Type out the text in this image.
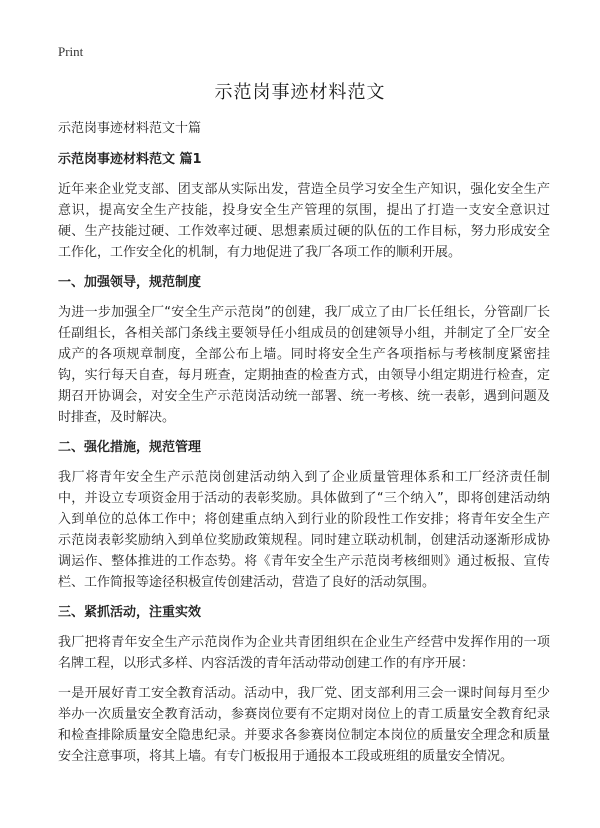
Print
示范岗事迹材料范文

示范岗事迹材料范文十篇

示范岗事迹材料范文 篇1

近年来企业党支部、团支部从实际出发，营造全员学习安全生产知识，强化安全生产意识，提高安全生产技能，投身安全生产管理的氛围，提出了打造一支安全意识过硬、生产技能过硬、工作效率过硬、思想素质过硬的队伍的工作目标，努力形成安全工作化，工作安全化的机制，有力地促进了我厂各项工作的顺利开展。

一、加强领导，规范制度

为进一步加强全厂“安全生产示范岗”的创建，我厂成立了由厂长任组长，分管副厂长任副组长，各相关部门条线主要领导任小组成员的创建领导小组，并制定了全厂安全成产的各项规章制度，全部公布上墙。同时将安全生产各项指标与考核制度紧密挂钩，实行每天自查，每月班查，定期抽查的检查方式，由领导小组定期进行检查，定期召开协调会，对安全生产示范岗活动统一部署、统一考核、统一表彰，遇到问题及时排查，及时解决。

二、强化措施，规范管理

我厂将青年安全生产示范岗创建活动纳入到了企业质量管理体系和工厂经济责任制中，并设立专项资金用于活动的表彰奖励。具体做到了“三个纳入”，即将创建活动纳入到单位的总体工作中；将创建重点纳入到行业的阶段性工作安排；将青年安全生产示范岗表彰奖励纳入到单位奖励政策规程。同时建立联动机制，创建活动逐渐形成协调运作、整体推进的工作态势。将《青年安全生产示范岗考核细则》通过板报、宣传栏、工作简报等途径积极宣传创建活动，营造了良好的活动氛围。

三、紧抓活动，注重实效

我厂把将青年安全生产示范岗作为企业共青团组织在企业生产经营中发挥作用的一项名牌工程，以形式多样、内容活泼的青年活动带动创建工作的有序开展：

一是开展好青工安全教育活动。活动中，我厂党、团支部利用三会一课时间每月至少举办一次质量安全教育活动，参赛岗位要有不定期对岗位上的青工质量安全教育纪录和检查排除质量安全隐患纪录。并要求各参赛岗位制定本岗位的质量安全理念和质量安全注意事项，将其上墙。有专门板报用于通报本工段或班组的质量安全情况。
